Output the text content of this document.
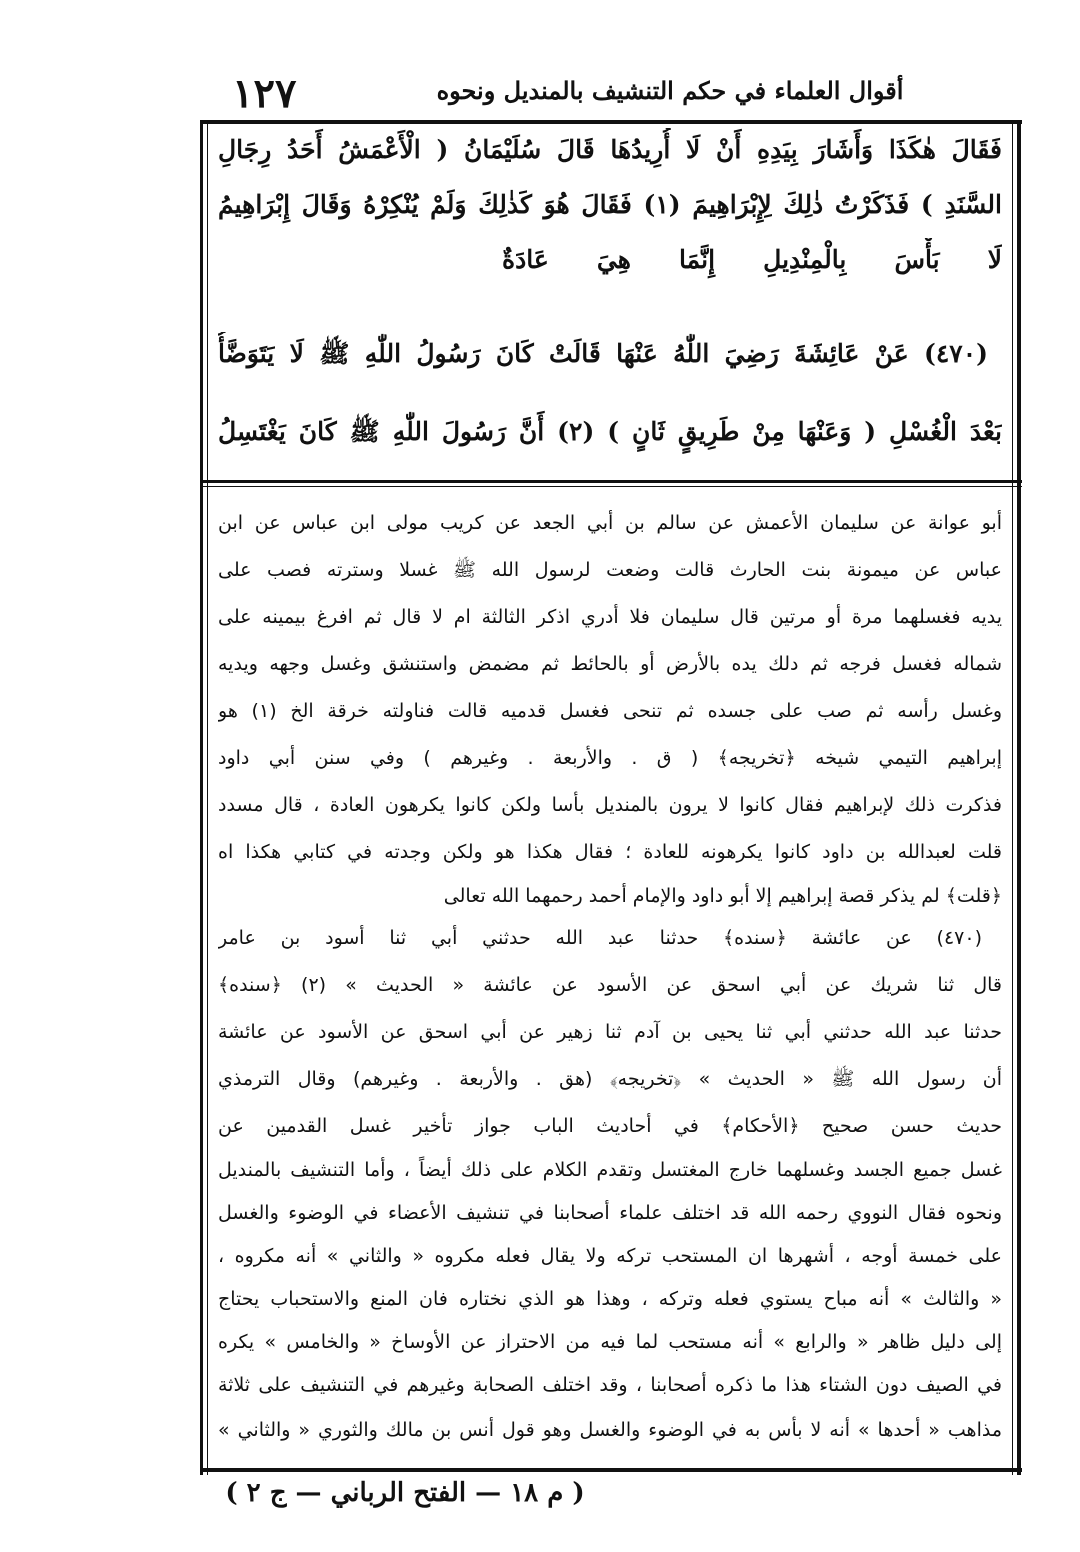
١٢٧	أقوال العلماء في حكم التنشيف بالمنديل ونحوه
فَقَالَ هٰكَذَا وَأَشَارَ بِيَدِهِ أَنْ لَا أُرِيدُهَا قَالَ سُلَيْمَانُ ( الْأَعْمَشُ أَحَدُ رِجَالِ
السَّنَدِ ) فَذَكَرْتُ ذٰلِكَ لِإِبْرَاهِيمَ (١) فَقَالَ هُوَ كَذٰلِكَ وَلَمْ يُنْكِرْهُ وَقَالَ إِبْرَاهِيمُ
لَا بَأْسَ بِالْمِنْدِيلِ إِنَّمَا هِيَ عَادَةٌ
(٤٧٠) عَنْ عَائِشَةَ رَضِيَ اللّٰهُ عَنْهَا قَالَتْ كَانَ رَسُولُ اللّٰهِ ﷺ لَا يَتَوَضَّأُ
بَعْدَ الْغُسْلِ ( وَعَنْهَا مِنْ طَرِيقٍ ثَانٍ ) (٢) أَنَّ رَسُولَ اللّٰهِ ﷺ كَانَ يَغْتَسِلُ
أبو عوانة عن سليمان الأعمش عن سالم بن أبي الجعد عن كريب مولى ابن عباس عن ابن
عباس عن ميمونة بنت الحارث قالت وضعت لرسول الله ﷺ غسلا وسترته فصب على
يديه فغسلهما مرة أو مرتين قال سليمان فلا أدري اذكر الثالثة ام لا قال ثم افرغ بيمينه على
شماله فغسل فرجه ثم دلك يده بالأرض أو بالحائط ثم مضمض واستنشق وغسل وجهه ويديه
وغسل رأسه ثم صب على جسده ثم تنحى فغسل قدميه قالت فناولته خرقة الخ (١) هو
إبراهيم التيمي شيخه ﴿تخريجه﴾ ( ق . والأربعة . وغيرهم ) وفي سنن أبي داود
فذكرت ذلك لإبراهيم فقال كانوا لا يرون بالمنديل بأسا ولكن كانوا يكرهون العادة ، قال مسدد
قلت لعبدالله بن داود كانوا يكرهونه للعادة ؛ فقال هكذا هو ولكن وجدته في كتابي هكذا اه
﴿قلت﴾ لم يذكر قصة إبراهيم إلا أبو داود والإمام أحمد رحمهما الله تعالى
(٤٧٠) عن عائشة ﴿سنده﴾ حدثنا عبد الله حدثني أبي ثنا أسود بن عامر
قال ثنا شريك عن أبي اسحق عن الأسود عن عائشة « الحديث » (٢) ﴿سنده﴾
حدثنا عبد الله حدثني أبي ثنا يحيى بن آدم ثنا زهير عن أبي اسحق عن الأسود عن عائشة
أن رسول الله ﷺ « الحديث » ﴿تخريجه﴾ (هق . والأربعة . وغيرهم) وقال الترمذي
حديث حسن صحيح ﴿الأحكام﴾ في أحاديث الباب جواز تأخير غسل القدمين عن
غسل جميع الجسد وغسلهما خارج المغتسل وتقدم الكلام على ذلك أيضاً ، وأما التنشيف بالمنديل
ونحوه فقال النووي رحمه الله قد اختلف علماء أصحابنا في تنشيف الأعضاء في الوضوء والغسل
على خمسة أوجه ، أشهرها ان المستحب تركه ولا يقال فعله مكروه « والثاني » أنه مكروه ،
« والثالث » أنه مباح يستوي فعله وتركه ، وهذا هو الذي نختاره فان المنع والاستحباب يحتاج
إلى دليل ظاهر « والرابع » أنه مستحب لما فيه من الاحتراز عن الأوساخ « والخامس » يكره
في الصيف دون الشتاء هذا ما ذكره أصحابنا ، وقد اختلف الصحابة وغيرهم في التنشيف على ثلاثة
مذاهب « أحدها » أنه لا بأس به في الوضوء والغسل وهو قول أنس بن مالك والثوري « والثاني »
( م ١٨ — الفتح الرباني — ج ٢ )
